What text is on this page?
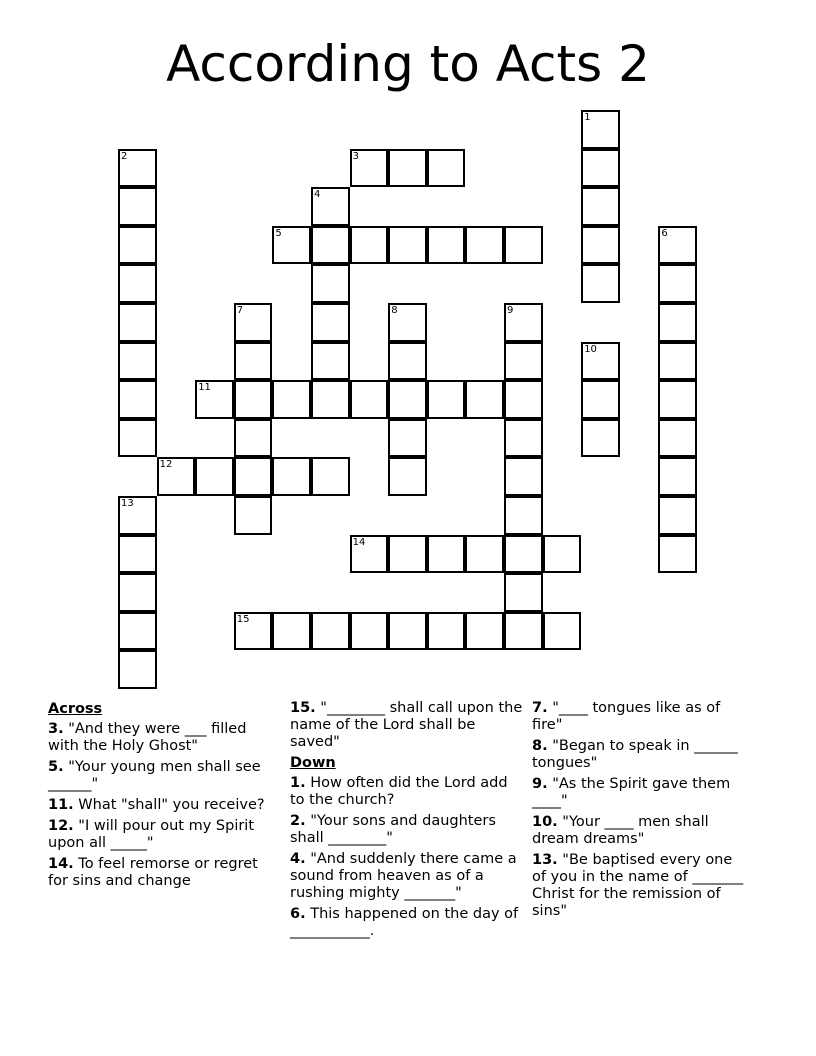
According to Acts 2
1
2	3
4
5	6
7	8	9
10
11
12
13
14
15
Across
3. "And they were ___ filled with the Holy Ghost"
5. "Your young men shall see ______"
11. What "shall" you receive?
12. "I will pour out my Spirit upon all _____"
14. To feel remorse or regret for sins and change
15. "________ shall call upon the name of the Lord shall be saved"
Down
1. How often did the Lord add to the church?
2. "Your sons and daughters shall ________"
4. "And suddenly there came a sound from heaven as of a rushing mighty _______"
6. This happened on the day of ___________.
7. "____ tongues like as of fire"
8. "Began to speak in ______ tongues"
9. "As the Spirit gave them ____"
10. "Your ____ men shall dream dreams"
13. "Be baptised every one of you in the name of _______ Christ for the remission of sins"
